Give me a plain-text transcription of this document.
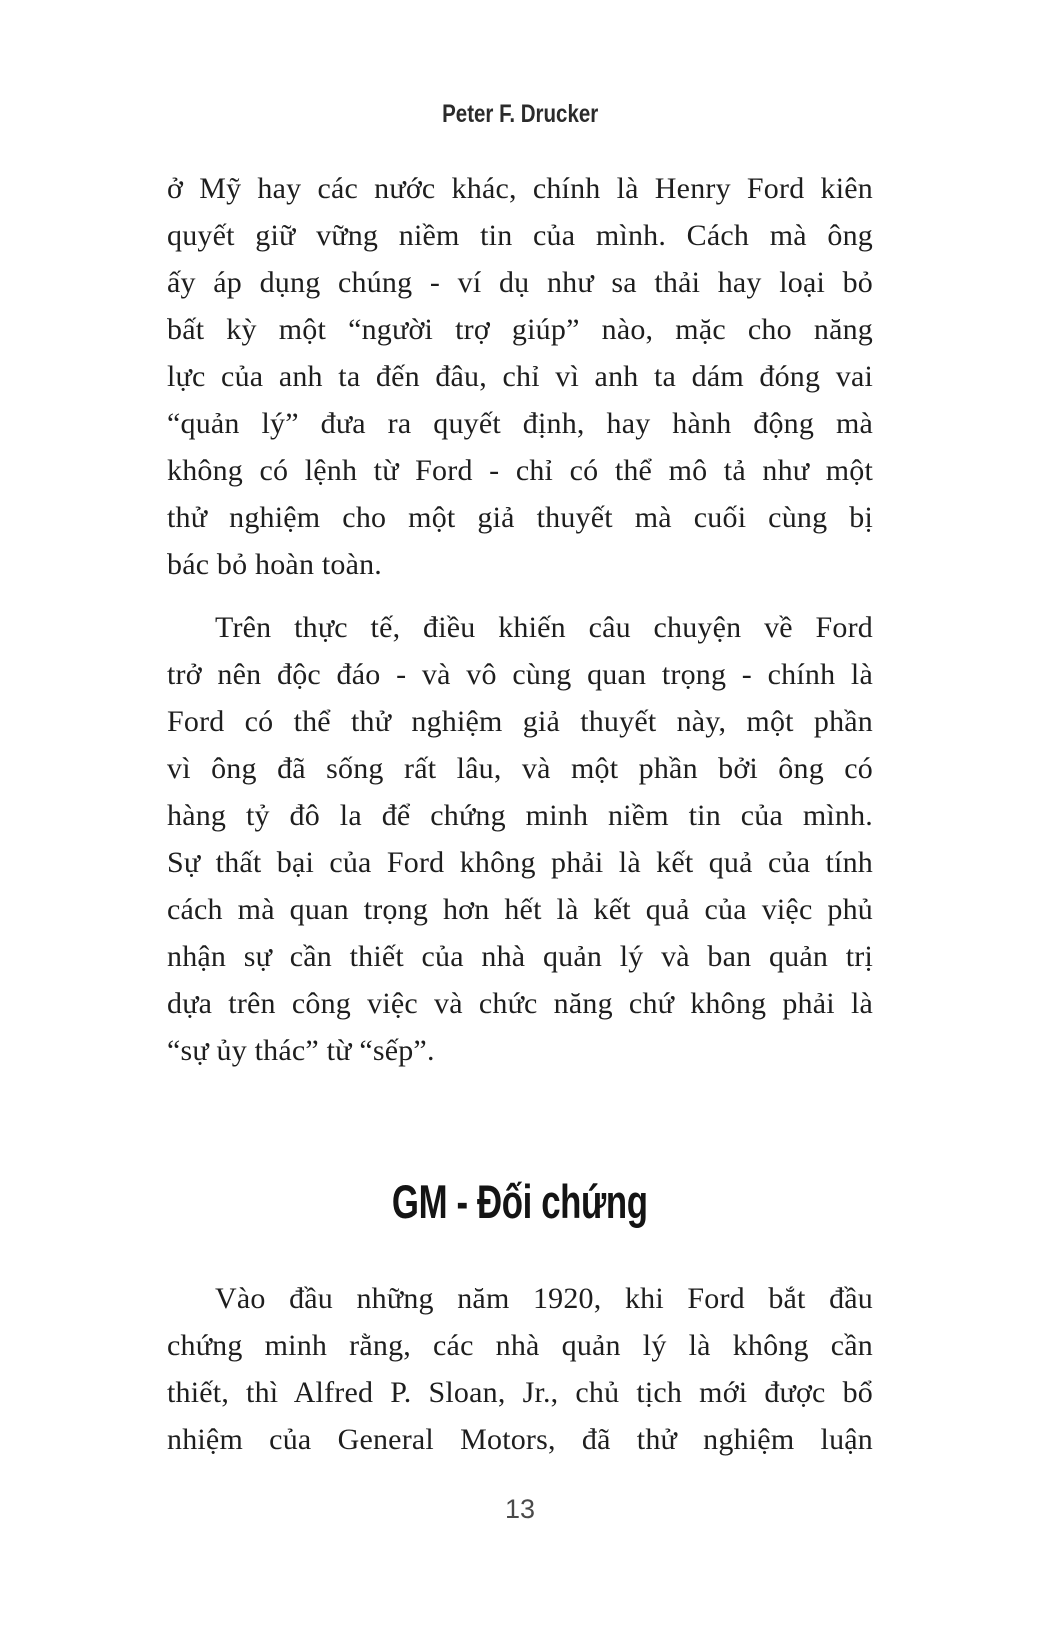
Peter F. Drucker
ở Mỹ hay các nước khác, chính là Henry Ford kiên
quyết giữ vững niềm tin của mình. Cách mà ông
ấy áp dụng chúng - ví dụ như sa thải hay loại bỏ
bất kỳ một “người trợ giúp” nào, mặc cho năng
lực của anh ta đến đâu, chỉ vì anh ta dám đóng vai
“quản lý” đưa ra quyết định, hay hành động mà
không có lệnh từ Ford - chỉ có thể mô tả như một
thử nghiệm cho một giả thuyết mà cuối cùng bị
bác bỏ hoàn toàn.
Trên thực tế, điều khiến câu chuyện về Ford
trở nên độc đáo - và vô cùng quan trọng - chính là
Ford có thể thử nghiệm giả thuyết này, một phần
vì ông đã sống rất lâu, và một phần bởi ông có
hàng tỷ đô la để chứng minh niềm tin của mình.
Sự thất bại của Ford không phải là kết quả của tính
cách mà quan trọng hơn hết là kết quả của việc phủ
nhận sự cần thiết của nhà quản lý và ban quản trị
dựa trên công việc và chức năng chứ không phải là
“sự ủy thác” từ “sếp”.
GM - Đối chứng
Vào đầu những năm 1920, khi Ford bắt đầu
chứng minh rằng, các nhà quản lý là không cần
thiết, thì Alfred P. Sloan, Jr., chủ tịch mới được bổ
nhiệm của General Motors, đã thử nghiệm luận
13
